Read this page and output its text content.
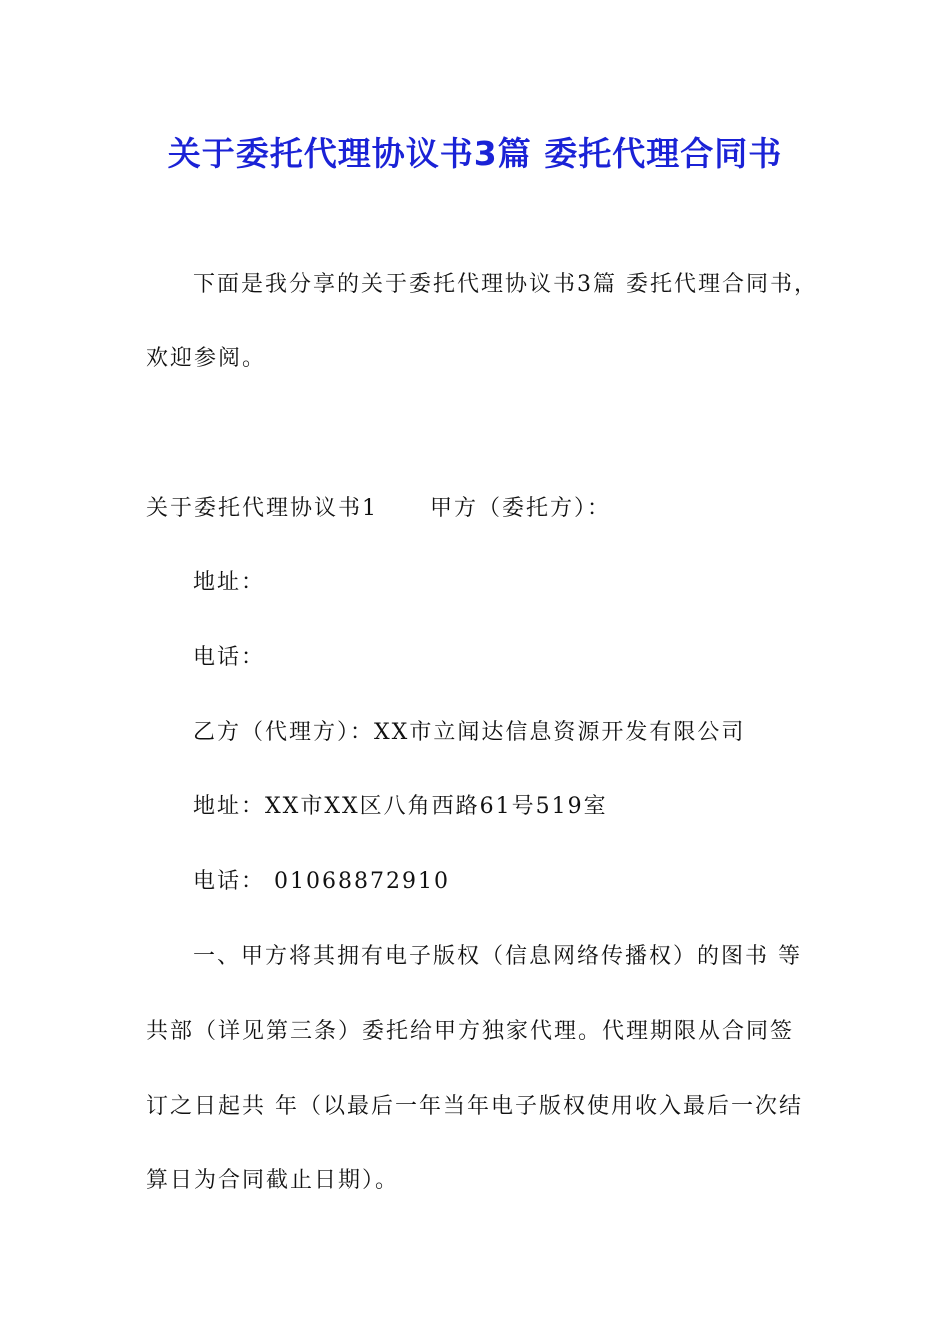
关于委托代理协议书3篇 委托代理合同书

下面是我分享的关于委托代理协议书3篇 委托代理合同书，

欢迎参阅。

关于委托代理协议书1 甲方（委托方）：

地址：

电话：

乙方（代理方）：XX市立闻达信息资源开发有限公司

地址：XX市XX区八角西路61号519室

电话： 01068872910

一、甲方将其拥有电子版权（信息网络传播权）的图书 等

共部（详见第三条）委托给甲方独家代理。代理期限从合同签

订之日起共 年（以最后一年当年电子版权使用收入最后一次结

算日为合同截止日期）。
